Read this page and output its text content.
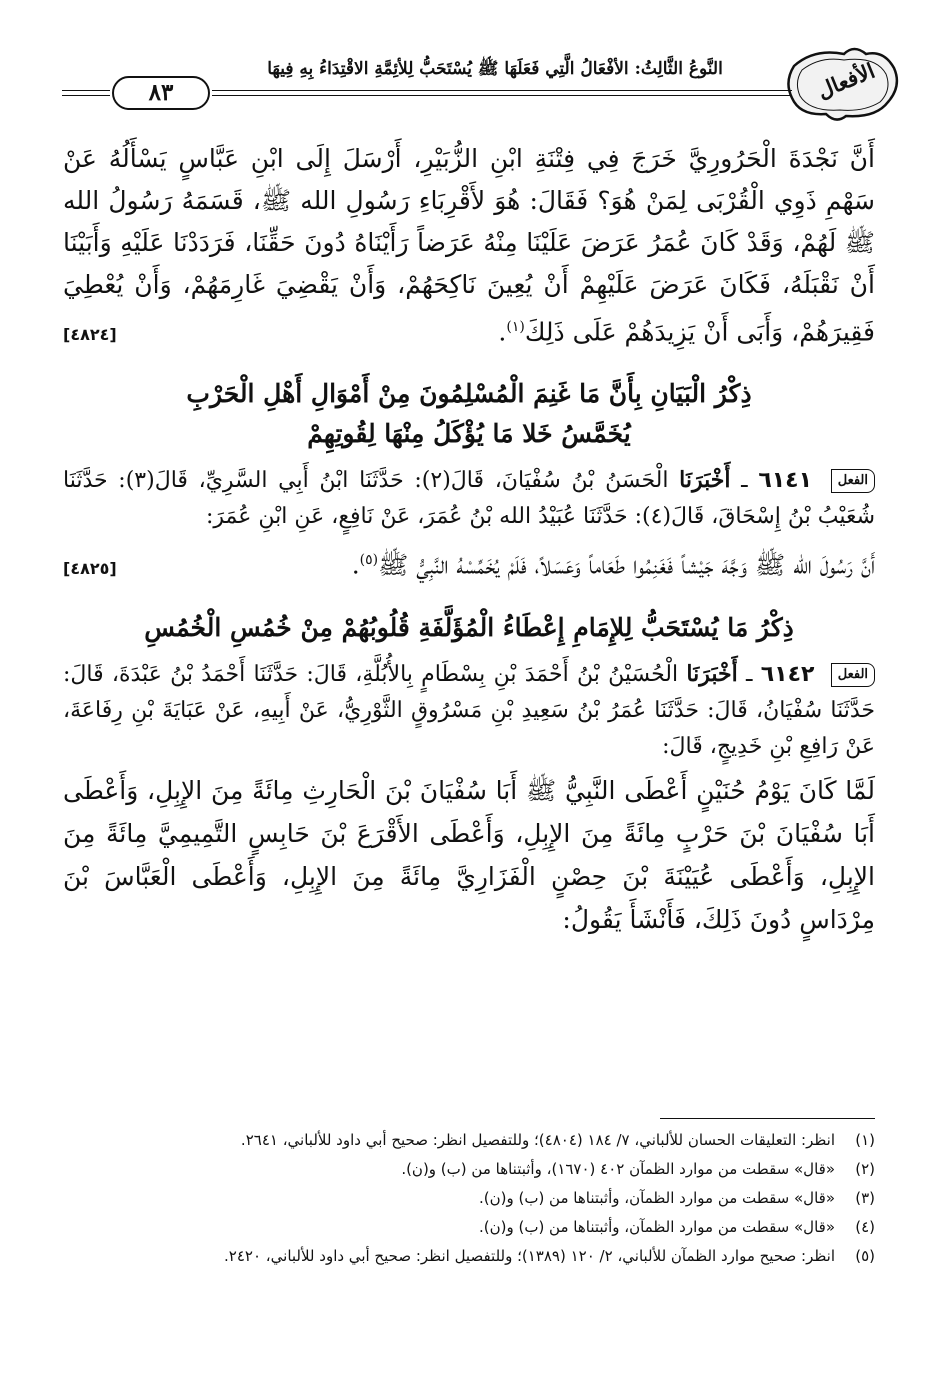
الأفعال
النَّوعُ الثَّالِثُ: الأفْعَالُ الَّتِي فَعَلَهَا ﷺ يُسْتَحَبُّ لِلأئِمَّةِ الاقْتِدَاءُ بِهِ فِيهَا
٨٣
أَنَّ نَجْدَةَ الْحَرُورِيَّ خَرَجَ فِي فِتْنَةِ ابْنِ الزُّبَيْرِ، أَرْسَلَ إِلَى ابْنِ عَبَّاسٍ يَسْأَلُهُ عَنْ سَهْمِ ذَوِي الْقُرْبَى لِمَنْ هُوَ؟ فَقَالَ: هُوَ لأَقْرِبَاءِ رَسُولِ الله ﷺ، قَسَمَهُ رَسُولُ الله ﷺ لَهُمْ، وَقَدْ كَانَ عُمَرُ عَرَضَ عَلَيْنَا مِنْهُ عَرَضاً رَأَيْنَاهُ دُونَ حَقِّنَا، فَرَدَدْنَا عَلَيْهِ وَأَبَيْنَا أَنْ نَقْبَلَهُ، فَكَانَ عَرَضَ عَلَيْهِمْ أَنْ يُعِينَ نَاكِحَهُمْ، وَأَنْ يَقْضِيَ غَارِمَهُمْ، وَأَنْ يُعْطِيَ فَقِيرَهُمْ، وَأَبَى أَنْ يَزِيدَهُمْ عَلَى ذَلِكَ$^{(١)}$.
[٤٨٢٤]
ذِكْرُ الْبَيَانِ بِأَنَّ مَا غَنِمَ الْمُسْلِمُونَ مِنْ أَمْوَالِ أَهْلِ الْحَرْبِ
يُخَمَّسُ خَلا مَا يُؤْكَلُ مِنْهَا لِقُوتِهِمْ
الفعل ٦١٤١ ـ أَخْبَرَنَا الْحَسَنُ بْنُ سُفْيَانَ، قَالَ(٢): حَدَّثَنَا ابْنُ أَبِي السَّرِيِّ، قَالَ(٣): حَدَّثَنَا شُعَيْبُ بْنُ إِسْحَاقَ، قَالَ(٤): حَدَّثَنَا عُبَيْدُ الله بْنُ عُمَرَ، عَنْ نَافِعٍ، عَنِ ابْنِ عُمَرَ:
أَنَّ رَسُولَ الله ﷺ وَجَّهَ جَيْشاً فَغَنِمُوا طَعَاماً وَعَسَلاً، فَلَمْ يُخَمِّسْهُ النَّبِيُّ ﷺ$^{(٥)}$.
[٤٨٢٥]
ذِكْرُ مَا يُسْتَحَبُّ لِلإِمَامِ إِعْطَاءُ الْمُؤَلَّفَةِ قُلُوبُهُمْ مِنْ خُمُسِ الْخُمُسِ
الفعل ٦١٤٢ ـ أَخْبَرَنَا الْحُسَيْنُ بْنُ أَحْمَدَ بْنِ بِسْطَامٍ بِالأُبُلَّةِ، قَالَ: حَدَّثَنَا أَحْمَدُ بْنُ عَبْدَةَ، قَالَ: حَدَّثَنَا سُفْيَانُ، قَالَ: حَدَّثَنَا عُمَرُ بْنُ سَعِيدِ بْنِ مَسْرُوقٍ الثَّوْرِيُّ، عَنْ أَبِيهِ، عَنْ عَبَايَةَ بْنِ رِفَاعَةَ، عَنْ رَافِعِ بْنِ خَدِيجٍ، قَالَ:
لَمَّا كَانَ يَوْمُ حُنَيْنٍ أَعْطَى النَّبِيُّ ﷺ أَبَا سُفْيَانَ بْنَ الْحَارِثِ مِائَةً مِنَ الإِبِلِ، وَأَعْطَى أَبَا سُفْيَانَ بْنَ حَرْبٍ مِائَةً مِنَ الإِبِلِ، وَأَعْطَى الأَقْرَعَ بْنَ حَابِسٍ التَّمِيمِيَّ مِائَةً مِنَ الإِبِلِ، وَأَعْطَى عُيَيْنَةَ بْنَ حِصْنٍ الْفَزَارِيَّ مِائَةً مِنَ الإِبِلِ، وَأَعْطَى الْعَبَّاسَ بْنَ مِرْدَاسٍ دُونَ ذَلِكَ، فَأَنْشَأَ يَقُولُ:
(١)
انظر: التعليقات الحسان للألباني، ٧/ ١٨٤ (٤٨٠٤)؛ وللتفصيل انظر: صحيح أبي داود للألباني، ٢٦٤١.
(٢)
«قال» سقطت من موارد الظمآن ٤٠٢ (١٦٧٠)، وأثبتناها من (ب) و(ن).
(٣)
«قال» سقطت من موارد الظمآن، وأثبتناها من (ب) و(ن).
(٤)
«قال» سقطت من موارد الظمآن، وأثبتناها من (ب) و(ن).
(٥)
انظر: صحيح موارد الظمآن للألباني، ٢/ ١٢٠ (١٣٨٩)؛ وللتفصيل انظر: صحيح أبي داود للألباني، ٢٤٢٠.
